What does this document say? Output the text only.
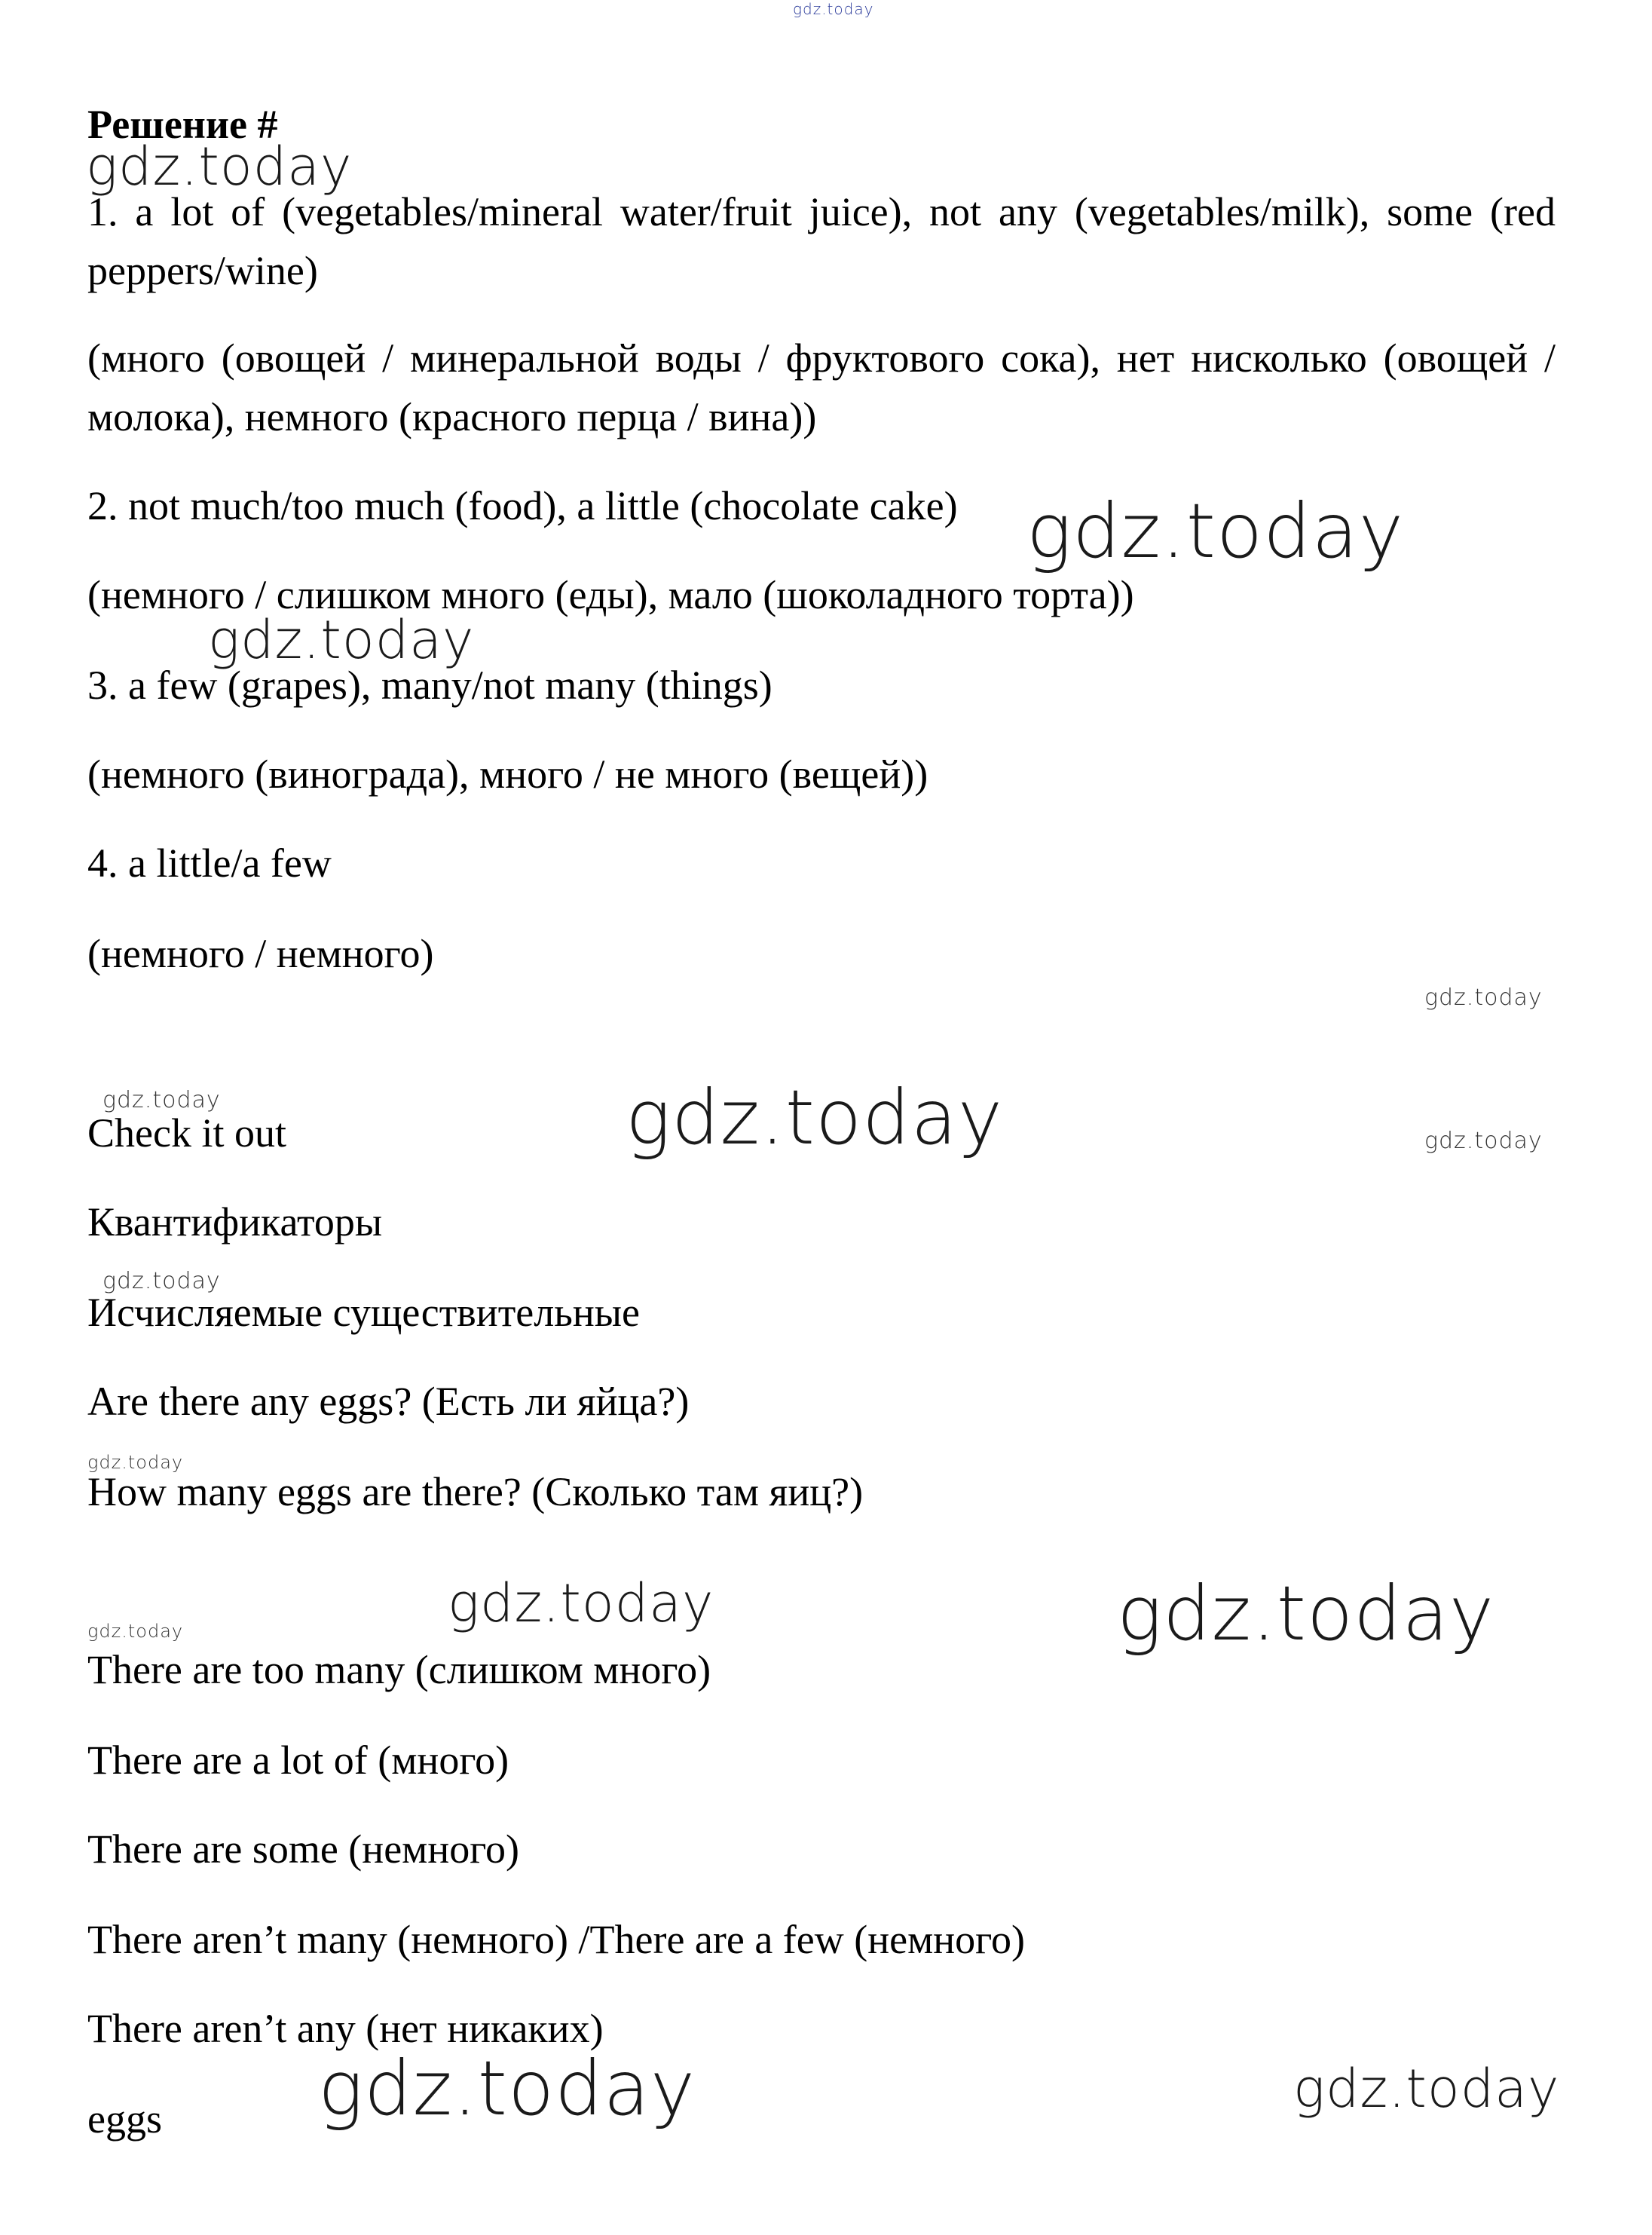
gdz.today
gdz.today
gdz.today
gdz.today
gdz.today
gdz.today	gdz.today	gdz.today
gdz.today
gdz.today
gdz.today	gdz.today
gdz.today
gdz.today	gdz.today
Решение #
1. a lot of (vegetables/mineral water/fruit juice), not any (vegetables/milk), some (red peppers/wine)
(много (овощей / минеральной воды / фруктового сока), нет нисколько (овощей / молока), немного (красного перца / вина))
2. not much/too much (food), a little (chocolate cake)
(немного / слишком много (еды), мало (шоколадного торта))
3. a few (grapes), many/not many (things)
(немного (винограда), много / не много (вещей))
4. a little/a few
(немного / немного)
Check it out
Квантификаторы
Исчисляемые существительные
Are there any eggs? (Есть ли яйца?)
How many eggs are there? (Сколько там яиц?)
There are too many (слишком много)
There are a lot of (много)
There are some (немного)
There aren’t many (немного) /There are a few (немного)
There aren’t any (нет никаких)
eggs
